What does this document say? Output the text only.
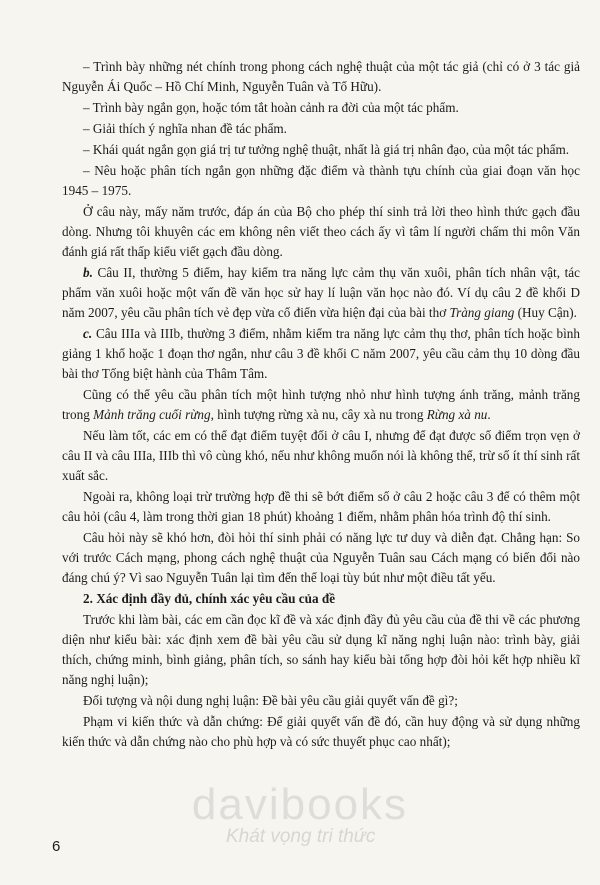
– Trình bày những nét chính trong phong cách nghệ thuật của một tác giả (chỉ có ở 3 tác giả Nguyễn Ái Quốc – Hồ Chí Minh, Nguyễn Tuân và Tố Hữu).

– Trình bày ngắn gọn, hoặc tóm tắt hoàn cảnh ra đời của một tác phẩm.

– Giải thích ý nghĩa nhan đề tác phẩm.

– Khái quát ngắn gọn giá trị tư tưởng nghệ thuật, nhất là giá trị nhân đạo, của một tác phẩm.

– Nêu hoặc phân tích ngắn gọn những đặc điểm và thành tựu chính của giai đoạn văn học 1945 – 1975.

Ở câu này, mấy năm trước, đáp án của Bộ cho phép thí sinh trả lời theo hình thức gạch đầu dòng. Nhưng tôi khuyên các em không nên viết theo cách ấy vì tâm lí người chấm thi môn Văn đánh giá rất thấp kiểu viết gạch đầu dòng.

b. Câu II, thường 5 điểm, hay kiểm tra năng lực cảm thụ văn xuôi, phân tích nhân vật, tác phẩm văn xuôi hoặc một vấn đề văn học sử hay lí luận văn học nào đó. Ví dụ câu 2 đề khối D năm 2007, yêu cầu phân tích vẻ đẹp vừa cổ điển vừa hiện đại của bài thơ Tràng giang (Huy Cận).

c. Câu IIIa và IIIb, thường 3 điểm, nhằm kiểm tra năng lực cảm thụ thơ, phân tích hoặc bình giảng 1 khổ hoặc 1 đoạn thơ ngắn, như câu 3 đề khối C năm 2007, yêu cầu cảm thụ 10 dòng đầu bài thơ Tống biệt hành của Thâm Tâm.

Cũng có thể yêu cầu phân tích một hình tượng nhỏ như hình tượng ánh trăng, mảnh trăng trong Mảnh trăng cuối rừng, hình tượng rừng xà nu, cây xà nu trong Rừng xà nu.

Nếu làm tốt, các em có thể đạt điểm tuyệt đối ở câu I, nhưng để đạt được số điểm trọn vẹn ở câu II và câu IIIa, IIIb thì vô cùng khó, nếu như không muốn nói là không thể, trừ số ít thí sinh rất xuất sắc.

Ngoài ra, không loại trừ trường hợp đề thi sẽ bớt điểm số ở câu 2 hoặc câu 3 để có thêm một câu hỏi (câu 4, làm trong thời gian 18 phút) khoảng 1 điểm, nhằm phân hóa trình độ thí sinh.

Câu hỏi này sẽ khó hơn, đòi hỏi thí sinh phải có năng lực tư duy và diễn đạt. Chẳng hạn: So với trước Cách mạng, phong cách nghệ thuật của Nguyễn Tuân sau Cách mạng có biến đổi nào đáng chú ý? Vì sao Nguyễn Tuân lại tìm đến thể loại tùy bút như một điều tất yếu.

2. Xác định đầy đủ, chính xác yêu cầu của đề

Trước khi làm bài, các em cần đọc kĩ đề và xác định đầy đủ yêu cầu của đề thi về các phương diện như kiểu bài: xác định xem đề bài yêu cầu sử dụng kĩ năng nghị luận nào: trình bày, giải thích, chứng minh, bình giảng, phân tích, so sánh hay kiểu bài tổng hợp đòi hỏi kết hợp nhiều kĩ năng nghị luận);

Đối tượng và nội dung nghị luận: Đề bài yêu cầu giải quyết vấn đề gì?;

Phạm vi kiến thức và dẫn chứng: Để giải quyết vấn đề đó, cần huy động và sử dụng những kiến thức và dẫn chứng nào cho phù hợp và có sức thuyết phục cao nhất);

davibooks
Khát vọng tri thức
6
